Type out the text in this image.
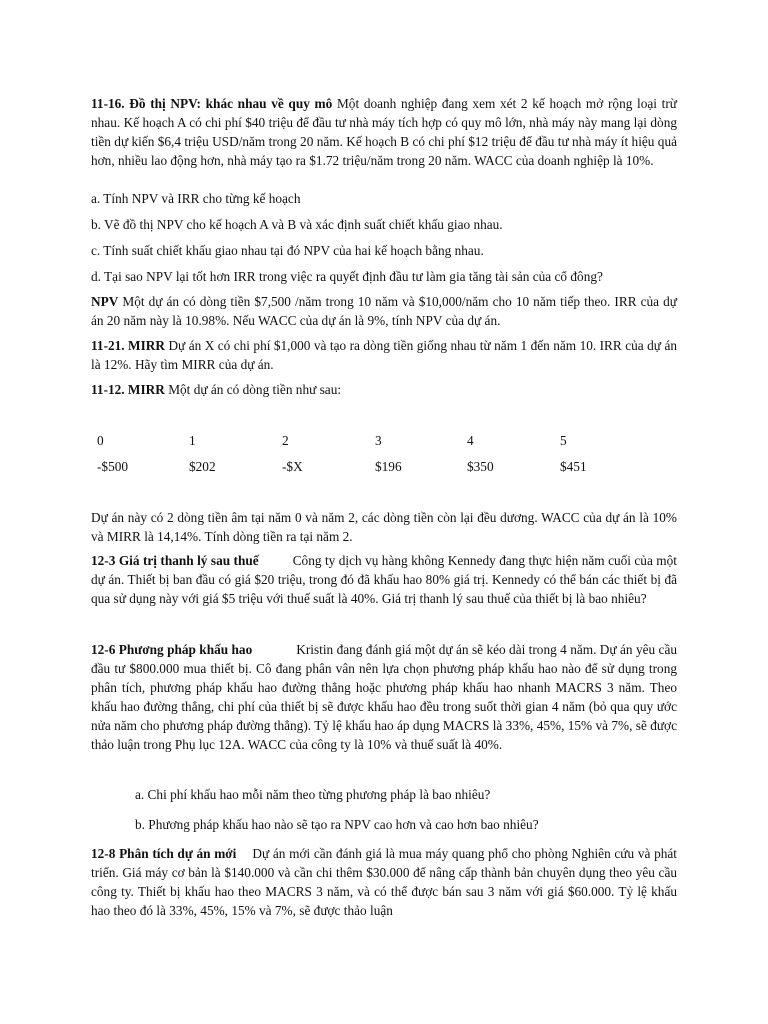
11-16. Đồ thị NPV: khác nhau về quy mô Một doanh nghiệp đang xem xét 2 kế hoạch mở rộng loại trừ nhau. Kế hoạch A có chi phí $40 triệu để đầu tư nhà máy tích hợp có quy mô lớn, nhà máy này mang lại dòng tiền dự kiến $6,4 triệu USD/năm trong 20 năm. Kế hoạch B có chi phí $12 triệu để đầu tư nhà máy ít hiệu quả hơn, nhiều lao động hơn, nhà máy tạo ra $1.72 triệu/năm trong 20 năm. WACC của doanh nghiệp là 10%.

a. Tính NPV và IRR cho từng kế hoạch

b. Vẽ đồ thị NPV cho kế hoạch A và B và xác định suất chiết khấu giao nhau.

c. Tính suất chiết khấu giao nhau tại đó NPV của hai kế hoạch bằng nhau.

d. Tại sao NPV lại tốt hơn IRR trong việc ra quyết định đầu tư làm gia tăng tài sản của cổ đông?

NPV Một dự án có dòng tiền $7,500 /năm trong 10 năm và $10,000/năm cho 10 năm tiếp theo. IRR của dự án 20 năm này là 10.98%. Nếu WACC của dự án là 9%, tính NPV của dự án.

11-21. MIRR Dự án X có chi phí $1,000 và tạo ra dòng tiền giống nhau từ năm 1 đến năm 10. IRR của dự án là 12%. Hãy tìm MIRR của dự án.

11-12. MIRR Một dự án có dòng tiền như sau:

0	1	2	3	4	5
-$500	$202	-$X	$196	$350	$451

Dự án này có 2 dòng tiền âm tại năm 0 và năm 2, các dòng tiền còn lại đều dương. WACC của dự án là 10% và MIRR là 14,14%. Tính dòng tiền ra tại năm 2.

12-3 Giá trị thanh lý sau thuế	Công ty dịch vụ hàng không Kennedy đang thực hiện năm cuối của một dự án. Thiết bị ban đầu có giá $20 triệu, trong đó đã khấu hao 80% giá trị. Kennedy có thể bán các thiết bị đã qua sử dụng này với giá $5 triệu với thuế suất là 40%. Giá trị thanh lý sau thuế của thiết bị là bao nhiêu?

12-6 Phương pháp khấu hao	Kristin đang đánh giá một dự án sẽ kéo dài trong 4 năm. Dự án yêu cầu đầu tư $800.000 mua thiết bị. Cô đang phân vân nên lựa chọn phương pháp khấu hao nào để sử dụng trong phân tích, phương pháp khấu hao đường thẳng hoặc phương pháp khấu hao nhanh MACRS 3 năm. Theo khấu hao đường thẳng, chi phí của thiết bị sẽ được khấu hao đều trong suốt thời gian 4 năm (bỏ qua quy ước nửa năm cho phương pháp đường thẳng). Tỷ lệ khấu hao áp dụng MACRS là 33%, 45%, 15% và 7%, sẽ được thảo luận trong Phụ lục 12A. WACC của công ty là 10% và thuế suất là 40%.

a. Chi phí khấu hao mỗi năm theo từng phương pháp là bao nhiêu?

b. Phương pháp khấu hao nào sẽ tạo ra NPV cao hơn và cao hơn bao nhiêu?

12-8 Phân tích dự án mới Dự án mới cần đánh giá là mua máy quang phổ cho phòng Nghiên cứu và phát triển. Giá máy cơ bản là $140.000 và cần chi thêm $30.000 để nâng cấp thành bản chuyên dụng theo yêu cầu công ty. Thiết bị khấu hao theo MACRS 3 năm, và có thể được bán sau 3 năm với giá $60.000. Tỷ lệ khấu hao theo đó là 33%, 45%, 15% và 7%, sẽ được thảo luận
